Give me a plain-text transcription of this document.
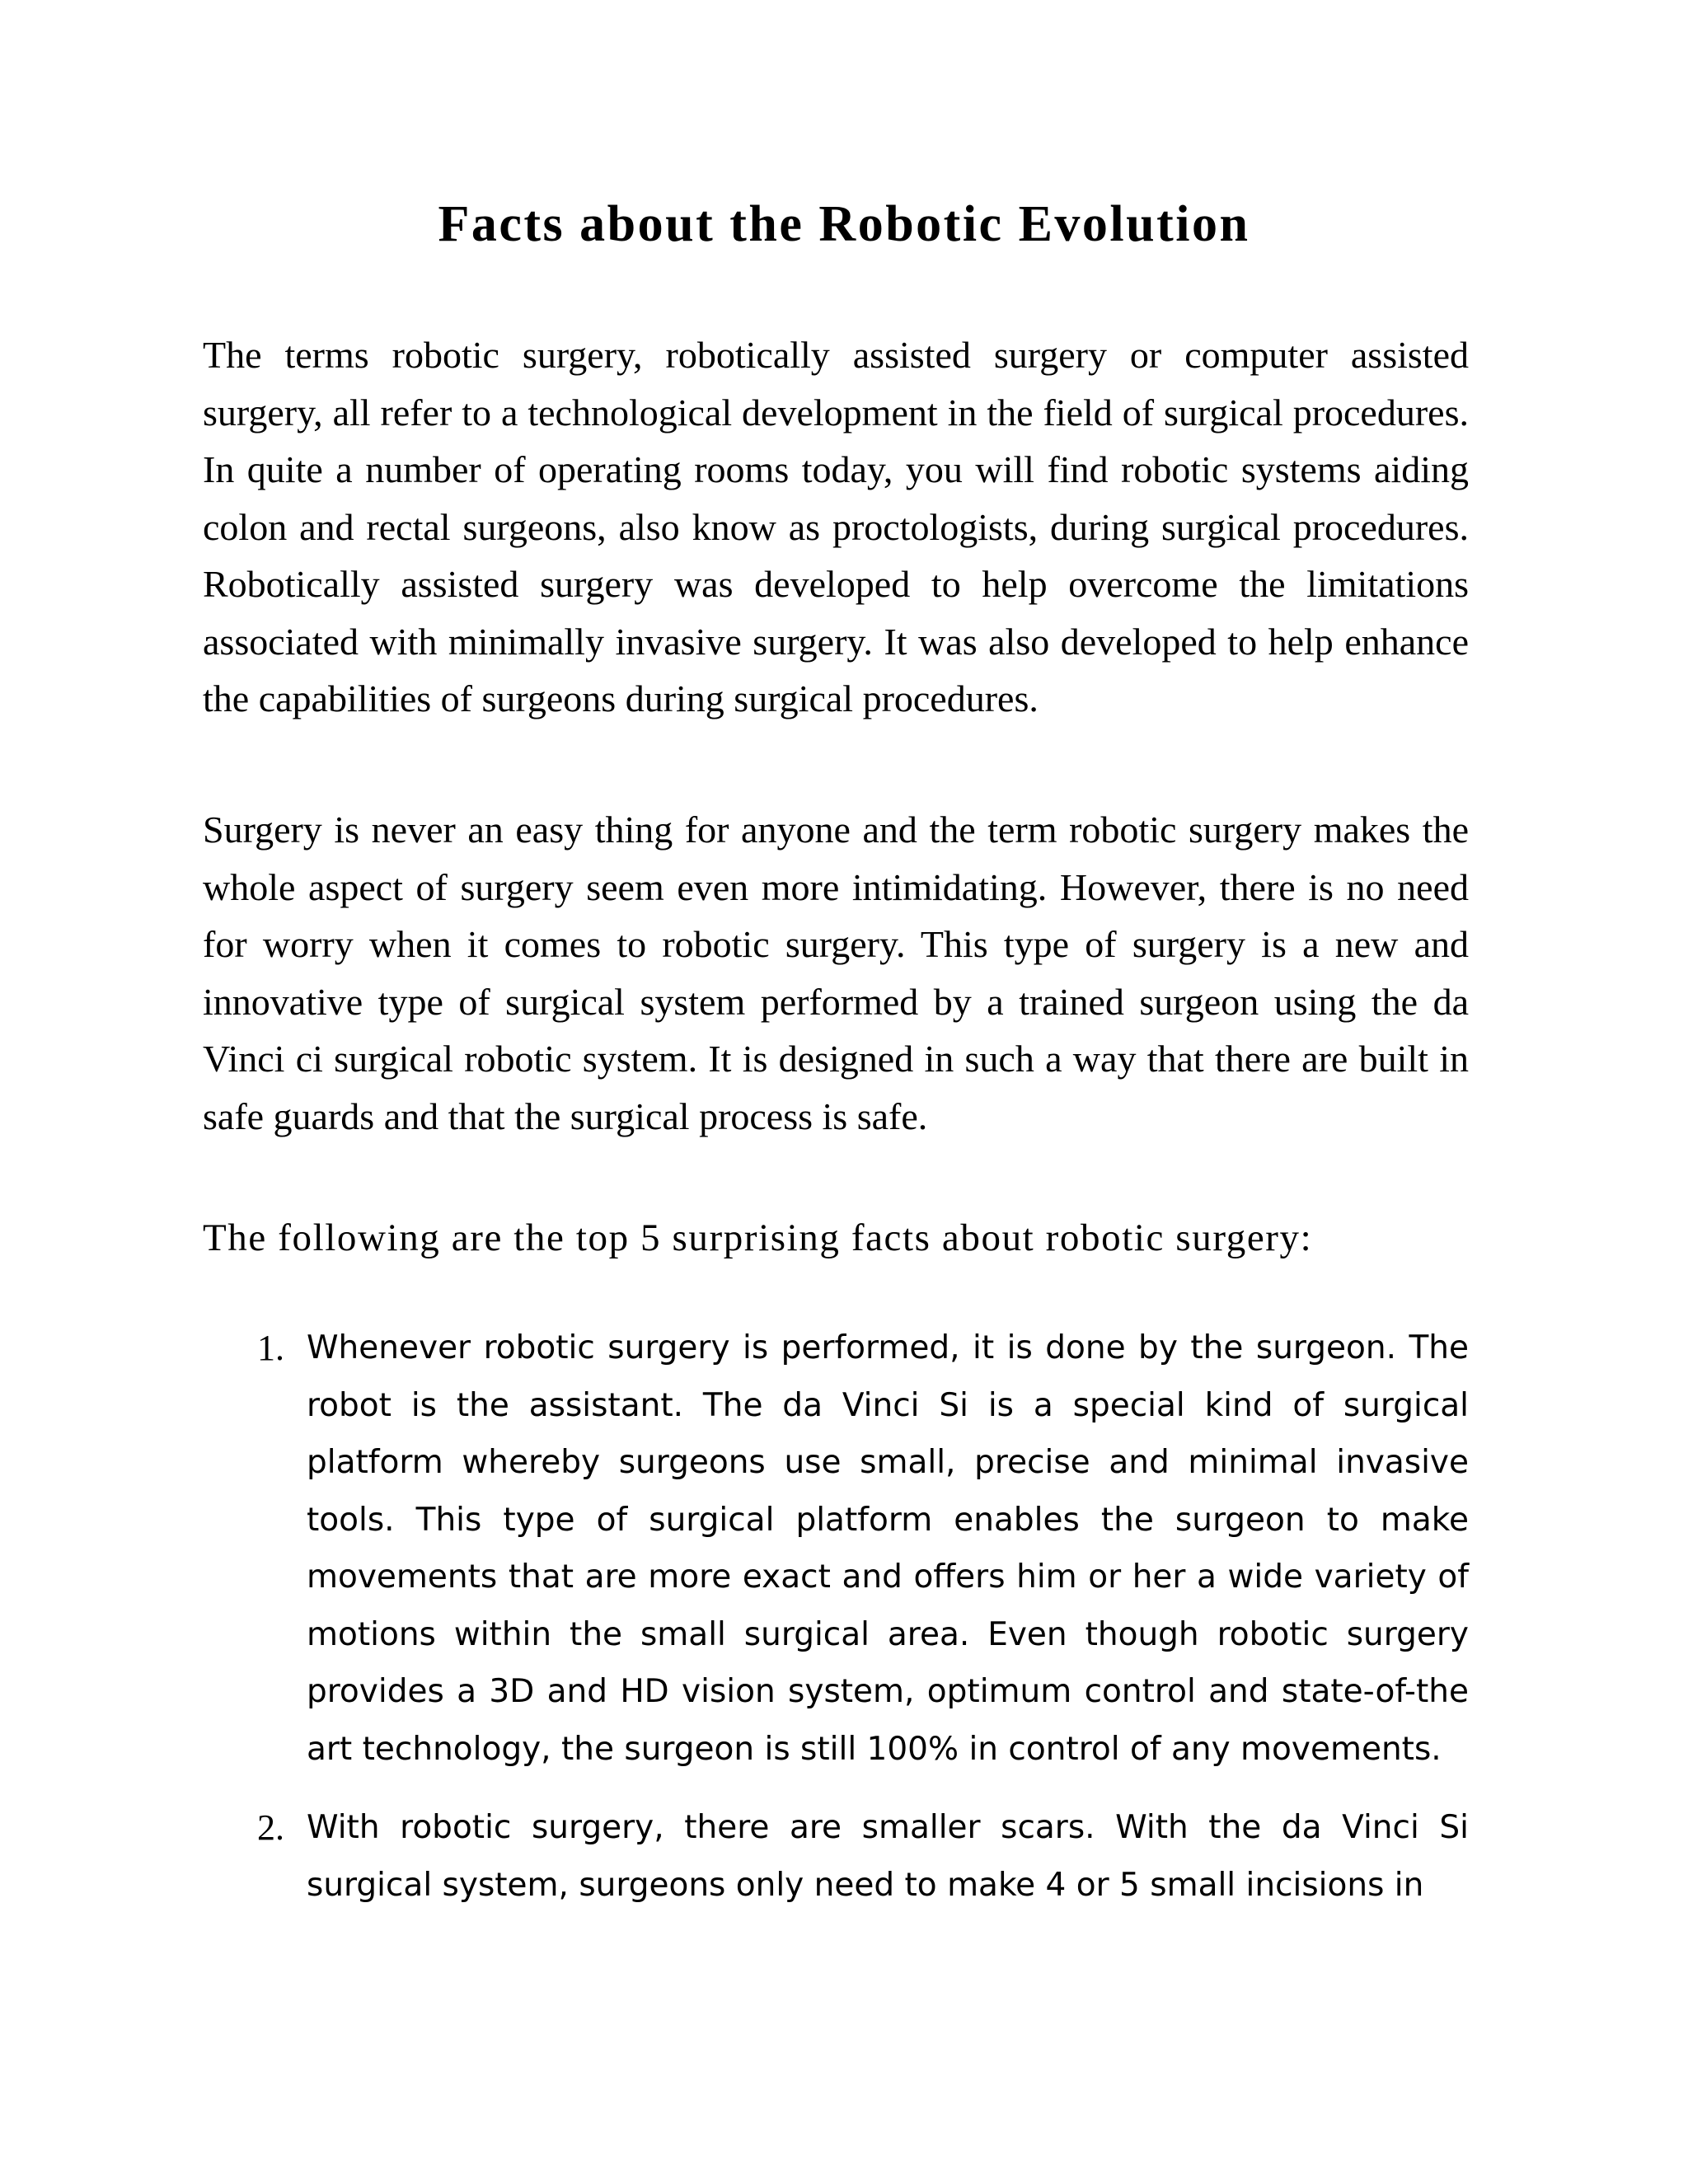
Facts about the Robotic Evolution

The terms robotic surgery, robotically assisted surgery or computer assisted surgery, all refer to a technological development in the field of surgical procedures. In quite a number of operating rooms today, you will find robotic systems aiding colon and rectal surgeons, also know as proctologists, during surgical procedures. Robotically assisted surgery was developed to help overcome the limitations associated with minimally invasive surgery. It was also developed to help enhance the capabilities of surgeons during surgical procedures.

Surgery is never an easy thing for anyone and the term robotic surgery makes the whole aspect of surgery seem even more intimidating. However, there is no need for worry when it comes to robotic surgery. This type of surgery is a new and innovative type of surgical system performed by a trained surgeon using the da Vinci ci surgical robotic system. It is designed in such a way that there are built in safe guards and that the surgical process is safe.

The following are the top 5 surprising facts about robotic surgery:

1. Whenever robotic surgery is performed, it is done by the surgeon. The robot is the assistant. The da Vinci Si is a special kind of surgical platform whereby surgeons use small, precise and minimal invasive tools. This type of surgical platform enables the surgeon to make movements that are more exact and offers him or her a wide variety of motions within the small surgical area. Even though robotic surgery provides a 3D and HD vision system, optimum control and state-of-the art technology, the surgeon is still 100% in control of any movements.

2. With robotic surgery, there are smaller scars. With the da Vinci Si surgical system, surgeons only need to make 4 or 5 small incisions in
